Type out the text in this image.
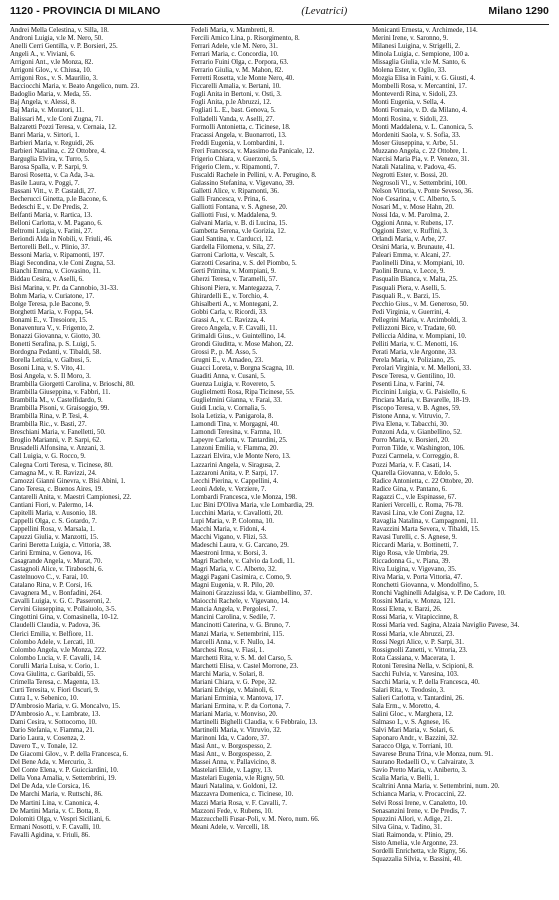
1120 - PROVINCIA DI MILANO	(Levatrici)	Milano 1290
Andrei Mella Celestina, v. Silla, 18.
Androni Luigia, v.le M. Nero, 50.
Anelli Cerri Gentilla, v. P. Borsieri, 25.
Angeli A., v. Viviani, 6.
Arrigoni Ant., v.le Monza, 82.
Arrigoni Glov., v. Chiusa, 10.
Arrigoni Ros., v. S. Maurilio, 3.
Bacciocchi Maria, v. Beato Angelico, num. 23.
Badoglio Maria, v. Meda, 55.
Baj Angela, v. Alessi, 8.
Baj Maria, v. Moratori, 11.
Balissari M., v.le Coni Zugna, 71.
Balzaretti Pozzi Teresa, v. Cernaia, 12.
Banri Maria, v. Sirtori, 1.
Barbieri Maria, v. Reguidi, 26.
Barbieri Natalina, c. 22 Ottobre, 4.
Barguglia Elvira, v. Turro, 5.
Barosa Spalla, v. P. Sarpi, 9.
Barosi Rosetta, v. Ca Ada, 3-a.
Basile Laura, v. Poggi, 7.
Bassani Vitt., v. P. Castaldi, 27.
Becherucci Ginetta, p.le Bacone, 6.
Bedeschi E., v. De Predis, 2.
Belfanti Maria, v. Rartica, 13.
Belloni Carlotta, v. M. Pagano, 6.
Beltromi Luigia, v. Farini, 27.
Beriondi Alda in Nobili, v. Friuli, 46.
Bertorelli Bell., v. Plinio, 37.
Bessoni Maria, v. Ripamonti, 197.
Biagi Secondina, v.le Coni Zugna, 53.
Bianchi Emma, v. Ciovasino, 11.
Biddau Cesira, v. Aselli, 6.
Bisi Marina, v. Pr. da Cannobio, 31-33.
Bohm Maria, v. Curiatone, 17.
Bolge Teresa, p.le Bacone, 9.
Borghetti Maria, v. Foppa, 54.
Bonami E., v. Tresoiore, 15.
Bonaventura V., v. Frigento, 2.
Bonazzi Giovanna, v. Giotto, 30.
Bonetti Serafina, p. S. Luigi, 5.
Bordogna Pedanti, v. Tibaldi, 58.
Borella Letizia, v. Galbusi, 5.
Bosoni Lina, v. S. Vito, 41.
Bosi Angela, v. S. Il Moro, 3.
Brambilla Giorgetti Carolina, v. Brioschi, 80.
Brambilla Giuseppina, v. Fabbri, 11.
Brambilla M., v. Castelfidardo, 9.
Brambilla Pisoni, v. Graisoggio, 99.
Brambilla Rina, v. P. Tesi, 4.
Brambilla Ric., v. Basti, 27.
Breschiani Maria, v. Fanelletti, 50.
Broglio Marianni, v. P. Sarpi, 62.
Brusadelli Alfonsina, v. Anzani, 3.
Call Luigia, v. G. Rocco, 9.
Calegna Corti Teresa, v. Ticinese, 80.
Camagna M., v. R. Ravizzi, 24.
Camozzi Gianni Ginevra, v. Bisi Abini, 1.
Cano Teresa, c. Buenos Aires, 19.
Cantarelli Anita, v. Maestri Campionesi, 22.
Cantiani Fiori, v. Palermo, 14.
Capitelli Maria, v. Ausonio, 18.
Cappelli Olga, c. S. Gotardo, 7.
Cappellini Rosa, v. Marsala, 1.
Capuzzi Giulia, v. Manzotti, 15.
Carini Beretta Luigia, c. Vittoria, 38.
Carini Ermina, v. Genova, 16.
Casagrande Angela, v. Murat, 70.
Castagnoli Alice, v. Tiraboschi, 6.
Castelnuovo C., v. Farai, 10.
Catalano Rina, v. P. Corsi, 16.
Cavagnera M., v. Bonfadini, 264.
Cavalli Luigia, v. G. C. Passeroni, 2.
Cervini Giuseppina, v. Pollaiuolo, 3-5.
Cingottini Gina, v. Comasinella, 10-12.
Claudelli Claudia, v. Padova, 36.
Clerici Emilia, v. Belfiore, 11.
Colombo Adele, v. Lercati, 10.
Colombo Angela, v.le Monza, 222.
Colombo Lucia, v. F. Cavalli, 14.
Corulli Maria Luisa, v. Corio, 1.
Cova Giulitta, c. Garibaldi, 55.
Crimella Teresa, c. Magenta, 13.
Curti Teresita, v. Fiori Oscuri, 9.
Cutra I., v. Sebenico, 10.
D'Ambrosio Maria, v. G. Moncalvo, 15.
D'Ambrosio A., v. Lambrate, 13.
Dami Cesira, v. Sottocorno, 10.
Dario Stefania, v. Fiamma, 21.
Dario Laura, v. Cosenza, 2.
Davero T., v. Tonale, 12.
De Giacomi Glov., v. P. della Francesca, 6.
Del Bene Ada, v. Mercurio, 3.
Del Conte Elena, v. P. Guicciardini, 10.
Della Vona Amalia, v. Settembrini, 19.
Del De Ada, v.le Corsica, 16.
De Marchi Maria, v. Ruttschi, 86.
De Martini Lina, v. Canonica, 4.
De Martini Maria, v. C. Botta, 8.
Dolomiti Olga, v. Vespri Siciliani, 6.
Ermani Nosotti, v. F. Cavalli, 10.
Favalli Agidina, v. Friuli, 86.
Fedeli Maria, v. Mambretti, 8.
Fercili Amico Lina, p. Risorgimento, 8.
Ferrari Adele, v.le M. Nero, 31.
Ferrari Maria, c. Concordia, 10.
Ferrario Fuini Olga, c. Porpora, 63.
Ferrario Giulia, v. M. Mahon, 82.
Ferretti Rosetta, v.le Monte Nero, 40.
Ficcarelli Amalia, v. Bertani, 10.
Fogli Anita in Bertoni, v. Osti, 3.
Fogli Anita, p.le Abruzzi, 12.
Fogliati L. E., bast. Genova, 5.
Folladelli Vanda, v. Aselli, 27.
Formolli Antonietta, c. Ticinese, 18.
Fracassi Angela, v. Buonarroti, 13.
Freddi Eugenia, v. Lombardini, 1.
Freri Francesca, v. Massimo da Panicale, 12.
Frigerio Chiara, v. Guerzoni, 5.
Frigerio Clem., v. Ripamonti, 7.
Fuscaldi Rachele in Pellini, v. A. Perugino, 8.
Galassino Stefanina, v. Vigevano, 39.
Galletti Alice, v. Ripamonti, 36.
Galli Francesca, v. Prina, 6.
Galliotti Fontana, v. S. Agnese, 20.
Galliotti Fusi, v. Maddalena, 9.
Galvani Maria, v. B. di Lucina, 15.
Gambetta Serena, v.le Gorizia, 12.
Gaul Santina, v. Carducci, 12.
Gardella Filomena, v. Sila, 27.
Garroni Carlotta, v. Vescalt, 5.
Garzotti Cesarina, v. S. del Piombo, 5.
Gerti Primina, v. Mompiani, 9.
Gherzi Teresa, v. Taramelli, 57.
Ghisoni Piera, v. Mantegazza, 7.
Ghirardelli E., v. Torchio, 4.
Ghisalberti A., v. Montegani, 2.
Gobbi Carla, v. Ricordi, 33.
Grassi A., v. C. Ravizza, 4.
Greco Angela, v. F. Cavalli, 11.
Grimaldi Gius., v. Guintellino, 14.
Grondi Giuditta, v. Mose Mahon, 22.
Grossi P., p. M. Asso, 5.
Grugni E., v. Amadeo, 23.
Guacci Loreta, v. Borgna Scagna, 10.
Guaditi Anna, v. Cusani, 5.
Guenza Luigia, v. Rovereto, 5.
Guglielmetti Rosa, Ripa Ticinese, 55.
Guglielmini Gianna, v. Farai, 33.
Guidi Lucia, v. Cornalia, 5.
Isola Letizia, v. Panigarola, 8.
Lamondi Tina, v. Morgagni, 40.
Lamondi Teresina, v. Farnna, 10.
Lapeyre Carlotta, v. Tantardini, 25.
Lanzoni Emilia, v. Flamma, 20.
Lazzari Elvira, v.le Monte Nero, 13.
Lazzarini Angela, v. Siragusa, 2.
Lazzaroni Anita, v. P. Sarpi, 17.
Lecchi Pierina, v. Cappellini, 4.
Leoni Adele, v. Verziere, 7.
Lombardi Francesca, v.le Monza, 198.
Luc Bini D'Oliva Maria, v.le Lombardia, 29.
Lucchini Maria, v. Cavallotti, 20.
Lupi Maria, v. P. Colonna, 10.
Macchi Maria, v. Fidoni, 4.
Macchi Vigano, v. Flizi, 53.
Madeschi Laura, v. G. Carcano, 29.
Maestroni Irma, v. Borsi, 3.
Magri Rachele, v. Calvio da Lodi, 11.
Magri Maria, v. C. Alberto, 32.
Maggi Pagani Casimira, c. Como, 9.
Magni Eugenia, v. R. Pilo, 20.
Mainoni Grazziussi Ida, v. Giambellino, 37.
Maiocchi Rachele, v. Vigevano, 14.
Mancia Angela, v. Pergolesi, 7.
Mancini Carolina, v. Sedile, 7.
Mancinotti Caterina, v. G. Bruno, 7.
Manzi Maria, v. Settembrini, 115.
Marcelli Anna, v. F. Nullo, 14.
Marchesi Rosa, v. Fiasi, 1.
Marchetti Rita, v. S. M. del Carso, 5.
Marchetti Elisa, v. Castel Morrone, 23.
Marchi Maria, v. Solari, 8.
Mariani Chiara, v. G. Pepe, 32.
Mariani Edvige, v. Mainoli, 6.
Mariani Erminia, v. Mantova, 17.
Mariani Ermina, v. P. da Cortona, 7.
Mariani Maria, v. Monviso, 20.
Martinelli Bighelli Claudia, v. 6 Febbraio, 13.
Martinelli Maria, v. Vitruvio, 32.
Marinoni Ida, v. Cadore, 37.
Masi Ant., v. Borgospesso, 2.
Masi Ant., v. Borgospesso, 2.
Massei Anna, v. Pallavicino, 8.
Mastelari Elide, v. Lagny, 13.
Mastelari Eugenia, v.le Rigny, 50.
Mauri Natalina, v. Goldoni, 12.
Mazzavra Domenica, c. Ticinese, 10.
Mazzi Maria Rosa, v. F. Cavalli, 7.
Mazzoni Fede, v. Rubens, 10.
Mazzucchelli Fusar-Poli, v. M. Nero, num. 66.
Meani Adele, v. Vercelli, 18.
Menicanti Ernesta, v. Archimede, 114.
Merini Irene, v. Saronno, 9.
Milanesi Luigina, v. Strigelli, 2.
Minola Luigia, c. Sempione, 100 a.
Missaglia Giulia, v.le M. Santo, 6.
Molena Ester, v. Oglio, 33.
Mozgia Elisa in Faini, v. G. Giusti, 4.
Mombelli Rosa, v. Mercantini, 17.
Monteverdi Rina, v. Sidoli, 23.
Monti Eugenia, v. Sella, 4.
Monti Fornaio, v. D. da Milano, 4.
Monti Rosina, v. Sidoli, 23.
Monti Maddalena, v. L. Canonica, 5.
Mordeniti Saola, v. S. Sofia, 33.
Moser Giuseppina, v. Arbe, 51.
Muzzano Angela, c. 22 Ottobre, 1.
Narcisi Maria Pia, v. P. Venezo, 31.
Natali Natalina, v. Padova, 45.
Negrotti Ester, v. Bossi, 20.
Negrosoli Vl., v. Settembrini, 100.
Nelson Vittoria, v. Ponte Seveso, 36.
Noe Cesarina, v. C. Alberto, 5.
Nosari M., v. Mose Hahn, 20.
Nossi Ida, v. M. Parolma, 2.
Oggioni Anna, v. Rubens, 17.
Oggioni Ester, v. Ruffini, 3.
Orlandi Maria, v. Arbe, 27.
Orsini Maria, v. Brunaute, 41.
Paleari Emma, v. Alcani, 27.
Paolinelli Dina, v. Mompiani, 10.
Paolini Bruna, v. Lecce, 9.
Pasqualin Bianca, v. Malta, 25.
Pasquali Piera, v. Aselli, 5.
Pasquali R., v. Barzi, 15.
Pecchio Gius., v. M. Generoso, 50.
Pedi Virginia, v. Guerrini, 4.
Pellegrini Maria, v. Arcimboldi, 3.
Pellizzoni Bice, v. Tradate, 60.
Pelliccia Aldina, v. Mompiani, 10.
Pelliti Maria, v. C. Menotti, 16.
Perati Maria, v.le Argonne, 33.
Perela Maria, v. Poliziano, 25.
Perolari Virginia, v. M. Melloni, 33.
Pesce Teresa, v. Gentilino, 10.
Pesenti Lina, v. Farini, 74.
Piccinini Luigia, v. G. Paisiello, 6.
Pinciara Maria, v. Bavarelle, 18-19.
Piscopo Teresa, v. B. Agnes, 59.
Pistone Anna, v. Vitruvio, 7.
Piva Elena, v. Tabacchi, 30.
Ponzoni Ada, v. Gianbellino, 52.
Porro Maria, v. Borsieri, 20.
Porron Tilde, v. Washington, 106.
Pozzi Carmela, v. Correggio, 8.
Pozzi Maria, v. F. Casati, 14.
Quarella Giovanna, v. Edolo, 5.
Radice Antonietta, c. 22 Ottobre, 20.
Radice Gina, v. Pantano, 6.
Ragazzi C., v.le Espinasse, 67.
Ranieri Vercelli, c. Roma, 76-78.
Ravasi Lina, v.le Coni Zugna, 12.
Ravaglia Natalina, v. Campagnoni, 11.
Ravazzini Marta Severa, v. Tibaldi, 15.
Ravasi Turelli, c. S. Agnese, 9.
Riccardi Maria, v. Bottinetti, 7.
Rigo Rosa, v.le Umbria, 29.
Riccadonna G., v. Piana, 39.
Riva Luigina, v. Vigevano, 35.
Riva Maria, v. Porta Vittoria, 47.
Ronchetti Giovanna, v. Mondolfino, 5.
Ronchi Vaghinelli Adalgisa, v. P. De Cadore, 10.
Rossini Maria, v. Monza, 121.
Rossi Elena, v. Barzi, 26.
Rossi Maria, v. Vitapiccinne, 8.
Rossi Maria ved. Sagina, Alzaia Naviglio Pavese, 34.
Rossi Maria, v.le Abruzzi, 23.
Rossi Negri Alice, v. P. Sarpi, 31.
Rossignolli Zanetti, v. Vittoria, 23.
Rota Cassiana, v. Macerata, 1.
Rotoni Teresina Nella, v. Scipioni, 8.
Sacchi Fulvia, v. Varesina, 103.
Sacchi Maria, v. P. della Francesca, 40.
Salari Rita, v. Teodosio, 3.
Salieri Carlotta, v. Tantardini, 26.
Sala Erm., v. Moretto, 4.
Salini Gloc., v. Marghera, 12.
Salmaso I., v. S. Agnese, 16.
Salvi Mari Maria, v. Solari, 6.
Saponaro Andr., v. Bazzini, 32.
Saracco Olga, v. Torriani, 10.
Savarese Bruna Trina, v.le Monza, num. 91.
Saurano Redaelli O., v. Calvairate, 3.
Savio Pretto Maria, v. Aniberto, 3.
Scalia Maria, v. Belli, 1.
Scaltrini Anna Maria, v. Settembrini, num. 20.
Schianca Maria, v. Procaccini, 22.
Selvi Rossi Irene, v. Canaletto, 10.
Senasanzini Irene, v. De Predis, 7.
Spuzzini Allori, v. Adige, 21.
Silva Gina, v. Tadino, 31.
Siati Raimonda, v. Plinio, 29.
Sisto Amelia, v.le Argonne, 23.
Sordelli Enrichetta, v.le Rigny, 56.
Squazzalia Silvia, v. Bassini, 40.
